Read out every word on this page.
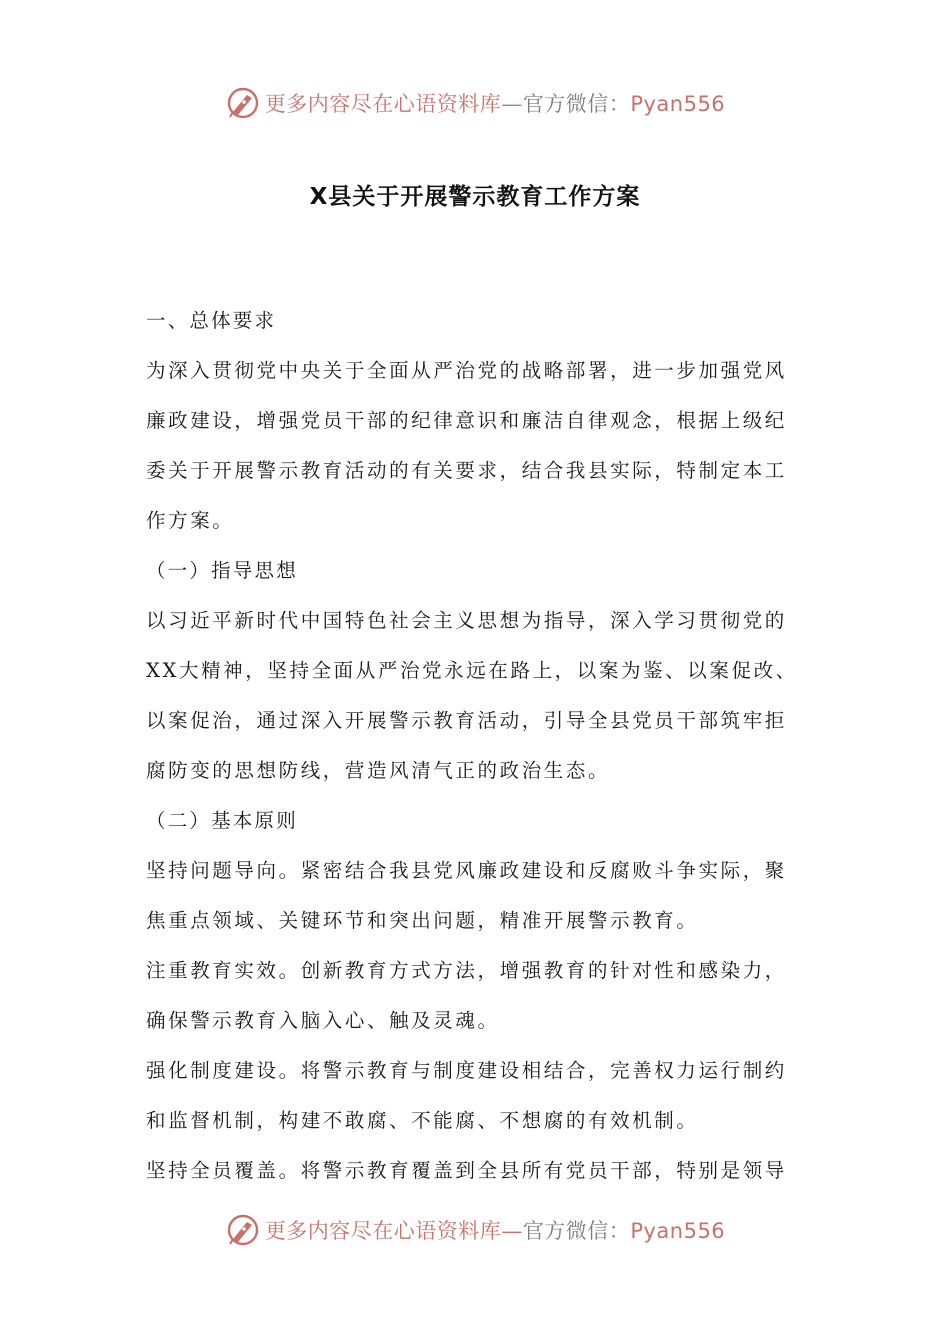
更多内容尽在心语资料库—官方微信：Pyan556
X县关于开展警示教育工作方案
一、总体要求
为深入贯彻党中央关于全面从严治党的战略部署，进一步加强党风
廉政建设，增强党员干部的纪律意识和廉洁自律观念，根据上级纪
委关于开展警示教育活动的有关要求，结合我县实际，特制定本工
作方案。
（一）指导思想
以习近平新时代中国特色社会主义思想为指导，深入学习贯彻党的
XX大精神，坚持全面从严治党永远在路上，以案为鉴、以案促改、
以案促治，通过深入开展警示教育活动，引导全县党员干部筑牢拒
腐防变的思想防线，营造风清气正的政治生态。
（二）基本原则
坚持问题导向。紧密结合我县党风廉政建设和反腐败斗争实际，聚
焦重点领域、关键环节和突出问题，精准开展警示教育。
注重教育实效。创新教育方式方法，增强教育的针对性和感染力，
确保警示教育入脑入心、触及灵魂。
强化制度建设。将警示教育与制度建设相结合，完善权力运行制约
和监督机制，构建不敢腐、不能腐、不想腐的有效机制。
坚持全员覆盖。将警示教育覆盖到全县所有党员干部，特别是领导
更多内容尽在心语资料库—官方微信：Pyan556
